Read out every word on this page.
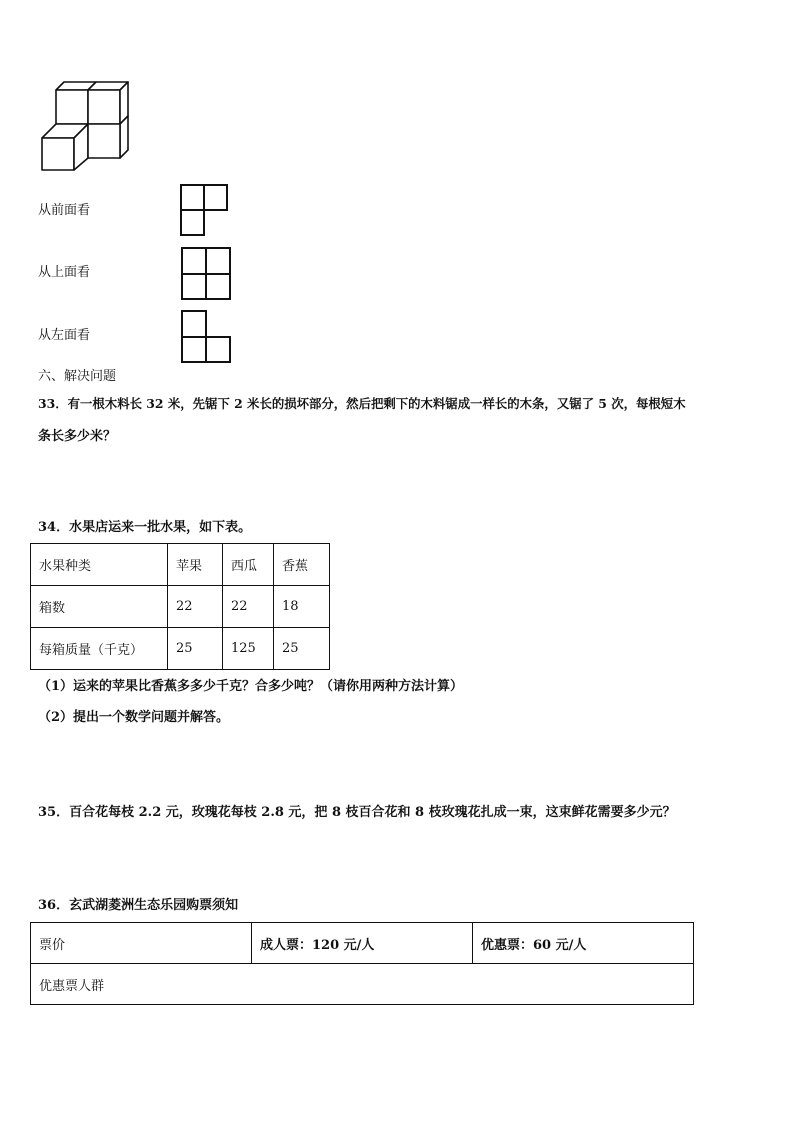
从前面看
从上面看
从左面看
六、解决问题
33．有一根木料长 32 米，先锯下 2 米长的损坏部分，然后把剩下的木料锯成一样长的木条，又锯了 5 次，每根短木
条长多少米？
34．水果店运来一批水果，如下表。
水果种类	苹果	西瓜	香蕉
箱数	22	22	18
每箱质量（千克）	25	125	25
（1）运来的苹果比香蕉多多少千克？合多少吨？（请你用两种方法计算）
（2）提出一个数学问题并解答。
35．百合花每枝 2.2 元，玫瑰花每枝 2.8 元，把 8 枝百合花和 8 枝玫瑰花扎成一束，这束鲜花需要多少元？
36．玄武湖菱洲生态乐园购票须知
票价	成人票：120 元/人	优惠票：60 元/人
优惠票人群
